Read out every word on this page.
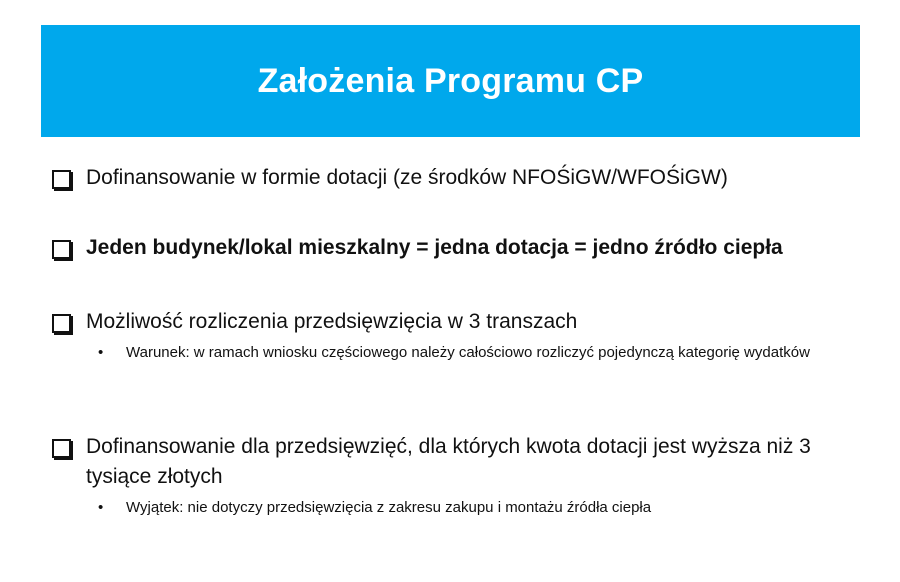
Założenia Programu CP
Dofinansowanie w formie dotacji (ze środków NFOŚiGW/WFOŚiGW)
Jeden budynek/lokal mieszkalny = jedna dotacja = jedno źródło ciepła
Możliwość rozliczenia przedsięwzięcia w 3 transzach
• Warunek: w ramach wniosku częściowego należy całościowo rozliczyć pojedynczą kategorię wydatków
Dofinansowanie dla przedsięwzięć, dla których kwota dotacji jest wyższa niż 3 tysiące złotych
• Wyjątek: nie dotyczy przedsięwzięcia z zakresu zakupu i montażu źródła ciepła
